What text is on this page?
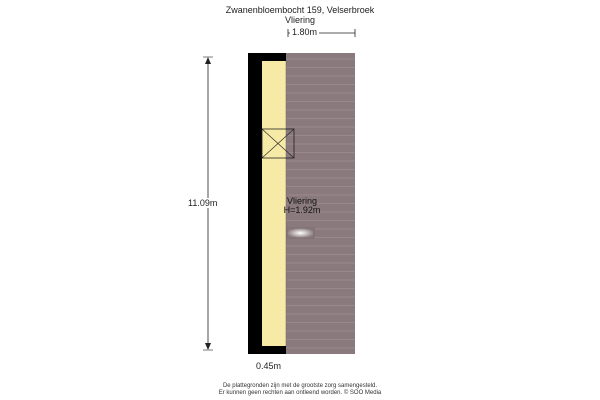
Zwanenbloembocht 159, Velserbroek
Vliering
1.80m
11.09m
0.45m
Vliering
H=1.92m
De plattegronden zijn met de grootste zorg samengesteld.
Er kunnen geen rechten aan ontleend worden. © SOO Media
